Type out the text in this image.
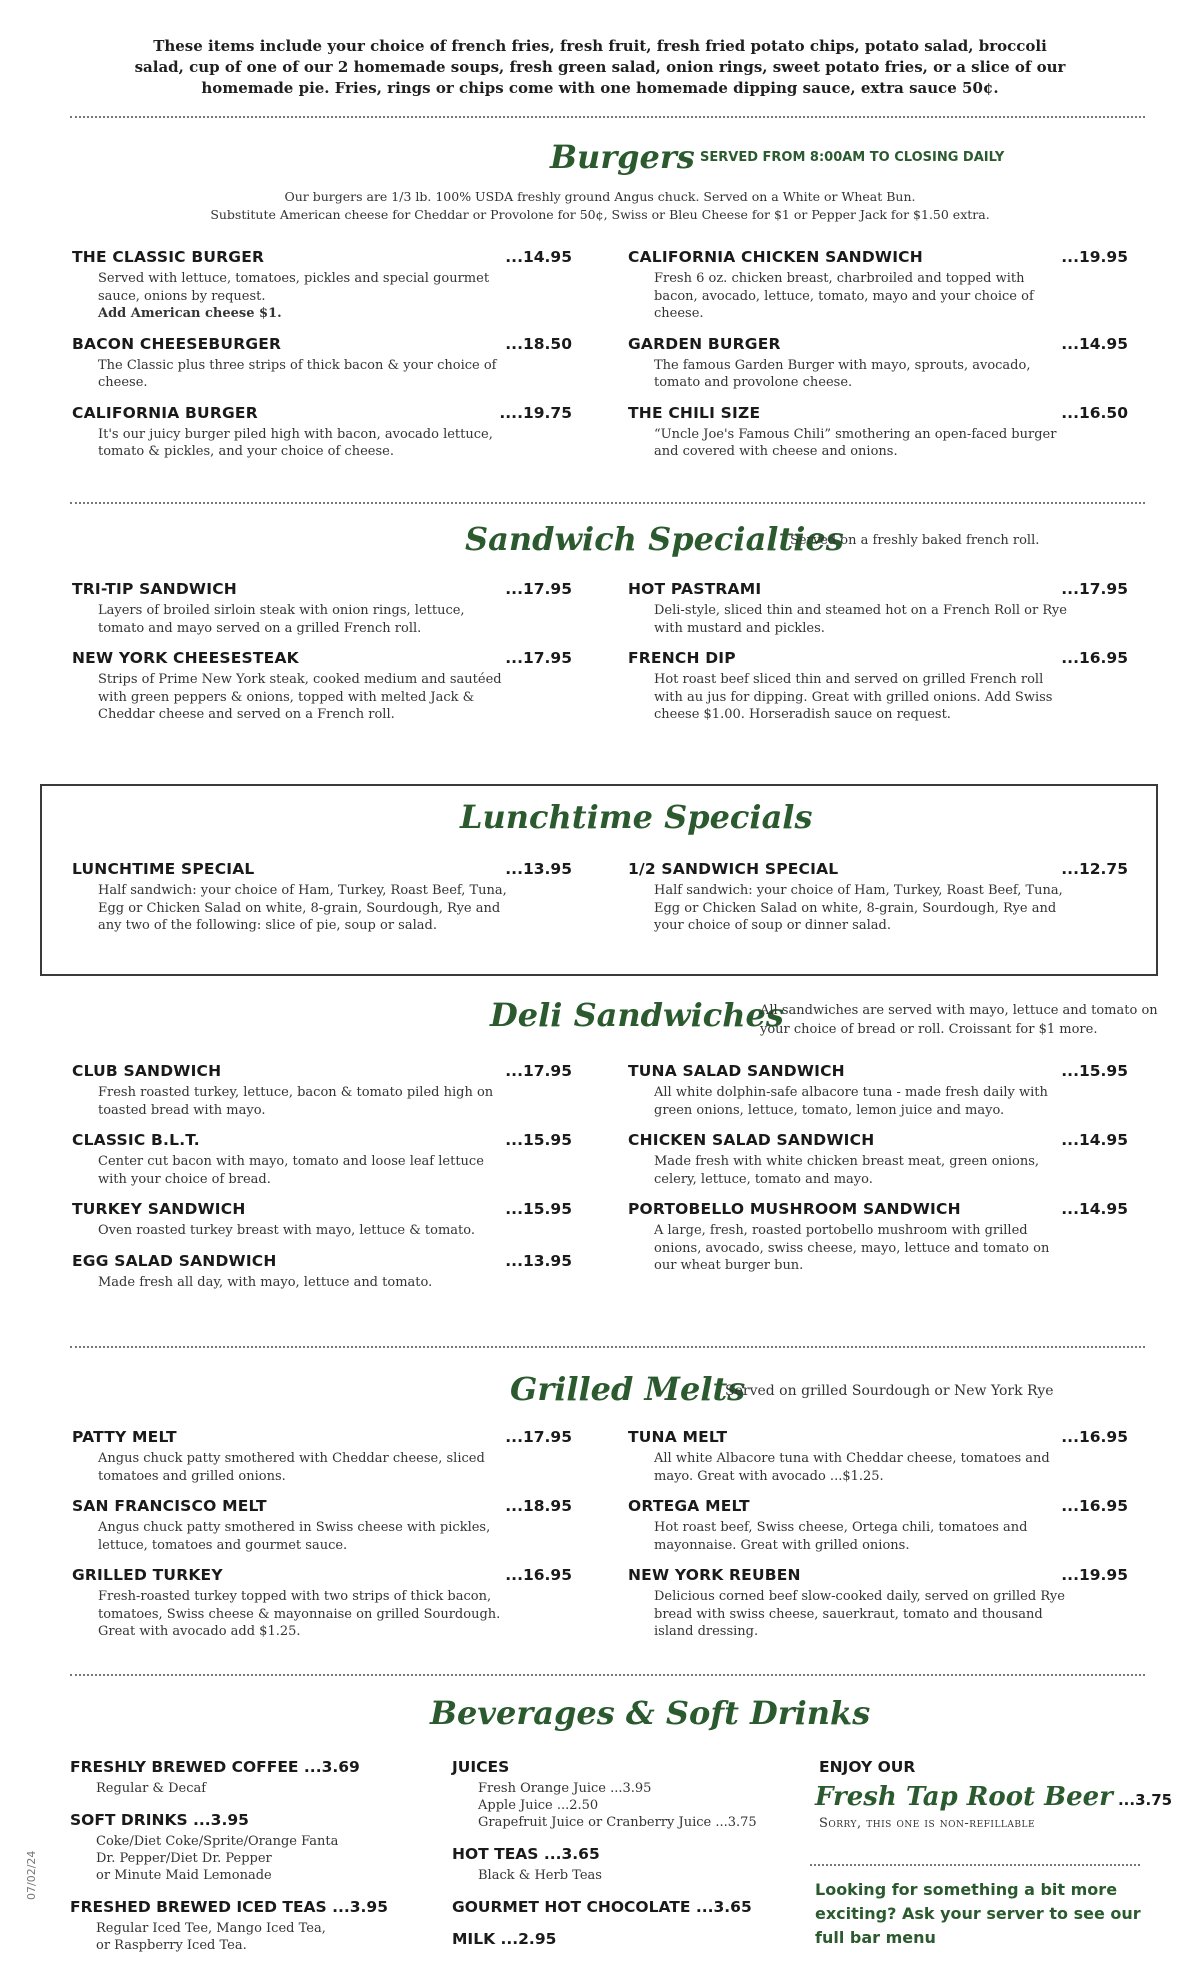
These items include your choice of french fries, fresh fruit, fresh fried potato chips, potato salad, broccoli salad, cup of one of our 2 homemade soups, fresh green salad, onion rings, sweet potato fries, or a slice of our homemade pie. Fries, rings or chips come with one homemade dipping sauce, extra sauce 50¢.
Burgers SERVED FROM 8:00AM TO CLOSING DAILY
Our burgers are 1/3 lb. 100% USDA freshly ground Angus chuck. Served on a White or Wheat Bun.
Substitute American cheese for Cheddar or Provolone for 50¢, Swiss or Bleu Cheese for $1 or Pepper Jack for $1.50 extra.
THE CLASSIC BURGER	...14.95
Served with lettuce, tomatoes, pickles and special gourmet sauce, onions by request.
Add American cheese $1.
BACON CHEESEBURGER	...18.50
The Classic plus three strips of thick bacon & your choice of cheese.
CALIFORNIA BURGER	....19.75
It's our juicy burger piled high with bacon, avocado lettuce, tomato & pickles, and your choice of cheese.
CALIFORNIA CHICKEN SANDWICH	...19.95
Fresh 6 oz. chicken breast, charbroiled and topped with bacon, avocado, lettuce, tomato, mayo and your choice of cheese.
GARDEN BURGER	...14.95
The famous Garden Burger with mayo, sprouts, avocado, tomato and provolone cheese.
THE CHILI SIZE	...16.50
“Uncle Joe's Famous Chili” smothering an open-faced burger and covered with cheese and onions.
Sandwich Specialties
Served on a freshly baked french roll.
TRI-TIP SANDWICH	...17.95
Layers of broiled sirloin steak with onion rings, lettuce, tomato and mayo served on a grilled French roll.
NEW YORK CHEESESTEAK	...17.95
Strips of Prime New York steak, cooked medium and sautéed with green peppers & onions, topped with melted Jack & Cheddar cheese and served on a French roll.
HOT PASTRAMI	...17.95
Deli-style, sliced thin and steamed hot on a French Roll or Rye with mustard and pickles.
FRENCH DIP	...16.95
Hot roast beef sliced thin and served on grilled French roll with au jus for dipping. Great with grilled onions. Add Swiss cheese $1.00. Horseradish sauce on request.
Lunchtime Specials
LUNCHTIME SPECIAL	...13.95
Half sandwich: your choice of Ham, Turkey, Roast Beef, Tuna, Egg or Chicken Salad on white, 8-grain, Sourdough, Rye and any two of the following: slice of pie, soup or salad.
1/2 SANDWICH SPECIAL	...12.75
Half sandwich: your choice of Ham, Turkey, Roast Beef, Tuna, Egg or Chicken Salad on white, 8-grain, Sourdough, Rye and your choice of soup or dinner salad.
Deli Sandwiches
All sandwiches are served with mayo, lettuce and tomato on your choice of bread or roll. Croissant for $1 more.
CLUB SANDWICH	...17.95
Fresh roasted turkey, lettuce, bacon & tomato piled high on toasted bread with mayo.
CLASSIC B.L.T.	...15.95
Center cut bacon with mayo, tomato and loose leaf lettuce with your choice of bread.
TURKEY SANDWICH	...15.95
Oven roasted turkey breast with mayo, lettuce & tomato.
EGG SALAD SANDWICH	...13.95
Made fresh all day, with mayo, lettuce and tomato.
TUNA SALAD SANDWICH	...15.95
All white dolphin-safe albacore tuna - made fresh daily with green onions, lettuce, tomato, lemon juice and mayo.
CHICKEN SALAD SANDWICH	...14.95
Made fresh with white chicken breast meat, green onions, celery, lettuce, tomato and mayo.
PORTOBELLO MUSHROOM SANDWICH	...14.95
A large, fresh, roasted portobello mushroom with grilled onions, avocado, swiss cheese, mayo, lettuce and tomato on our wheat burger bun.
Grilled Melts
Served on grilled Sourdough or New York Rye
PATTY MELT	...17.95
Angus chuck patty smothered with Cheddar cheese, sliced tomatoes and grilled onions.
SAN FRANCISCO MELT	...18.95
Angus chuck patty smothered in Swiss cheese with pickles, lettuce, tomatoes and gourmet sauce.
GRILLED TURKEY	...16.95
Fresh-roasted turkey topped with two strips of thick bacon, tomatoes, Swiss cheese & mayonnaise on grilled Sourdough. Great with avocado add $1.25.
TUNA MELT	...16.95
All white Albacore tuna with Cheddar cheese, tomatoes and mayo. Great with avocado ...$1.25.
ORTEGA MELT	...16.95
Hot roast beef, Swiss cheese, Ortega chili, tomatoes and mayonnaise. Great with grilled onions.
NEW YORK REUBEN	...19.95
Delicious corned beef slow-cooked daily, served on grilled Rye bread with swiss cheese, sauerkraut, tomato and thousand island dressing.
Beverages & Soft Drinks
FRESHLY BREWED COFFEE ...3.69
Regular & Decaf
SOFT DRINKS ...3.95
Coke/Diet Coke/Sprite/Orange Fanta
Dr. Pepper/Diet Dr. Pepper
or Minute Maid Lemonade
FRESHED BREWED ICED TEAS ...3.95
Regular Iced Tee, Mango Iced Tea,
or Raspberry Iced Tea.
JUICES
Fresh Orange Juice ...3.95
Apple Juice ...2.50
Grapefruit Juice or Cranberry Juice ...3.75
HOT TEAS ...3.65
Black & Herb Teas
GOURMET HOT CHOCOLATE ...3.65
MILK ...2.95
ENJOY OUR
Fresh Tap Root Beer ...3.75
Sorry, this one is non-refillable
Looking for something a bit more exciting? Ask your server to see our full bar menu
07/02/24
